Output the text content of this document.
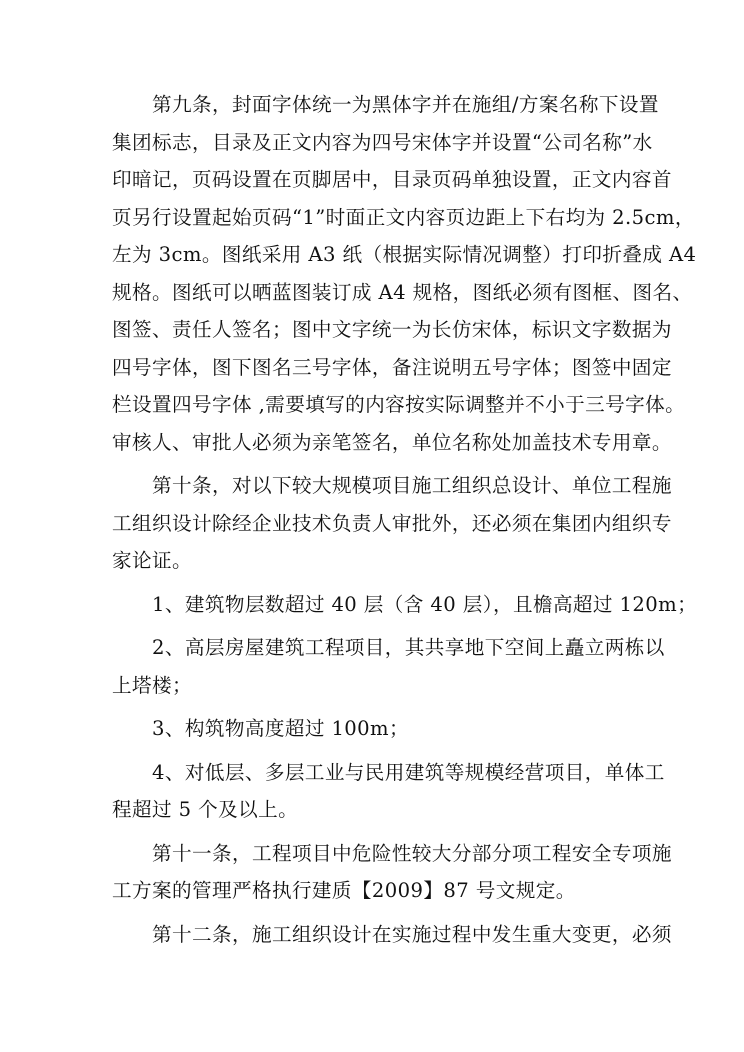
第九条，封面字体统一为黑体字并在施组/方案名称下设置
集团标志，目录及正文内容为四号宋体字并设置“公司名称”水
印暗记，页码设置在页脚居中，目录页码单独设置，正文内容首
页另行设置起始页码“1”时面正文内容页边距上下右均为 2.5cm，
左为 3cm。图纸采用 A3 纸（根据实际情况调整）打印折叠成 A4
规格。图纸可以晒蓝图装订成 A4 规格，图纸必须有图框、图名、
图签、责任人签名；图中文字统一为长仿宋体，标识文字数据为
四号字体，图下图名三号字体，备注说明五号字体；图签中固定
栏设置四号字体 ,需要填写的内容按实际调整并不小于三号字体。
审核人、审批人必须为亲笔签名，单位名称处加盖技术专用章。
第十条，对以下较大规模项目施工组织总设计、单位工程施
工组织设计除经企业技术负责人审批外，还必须在集团内组织专
家论证。
1、建筑物层数超过 40 层（含 40 层），且檐高超过 120m；
2、高层房屋建筑工程项目，其共享地下空间上矗立两栋以
上塔楼；
3、构筑物高度超过 100m；
4、对低层、多层工业与民用建筑等规模经营项目，单体工
程超过 5 个及以上。
第十一条，工程项目中危险性较大分部分项工程安全专项施
工方案的管理严格执行建质【2009】87 号文规定。
第十二条，施工组织设计在实施过程中发生重大变更，必须
